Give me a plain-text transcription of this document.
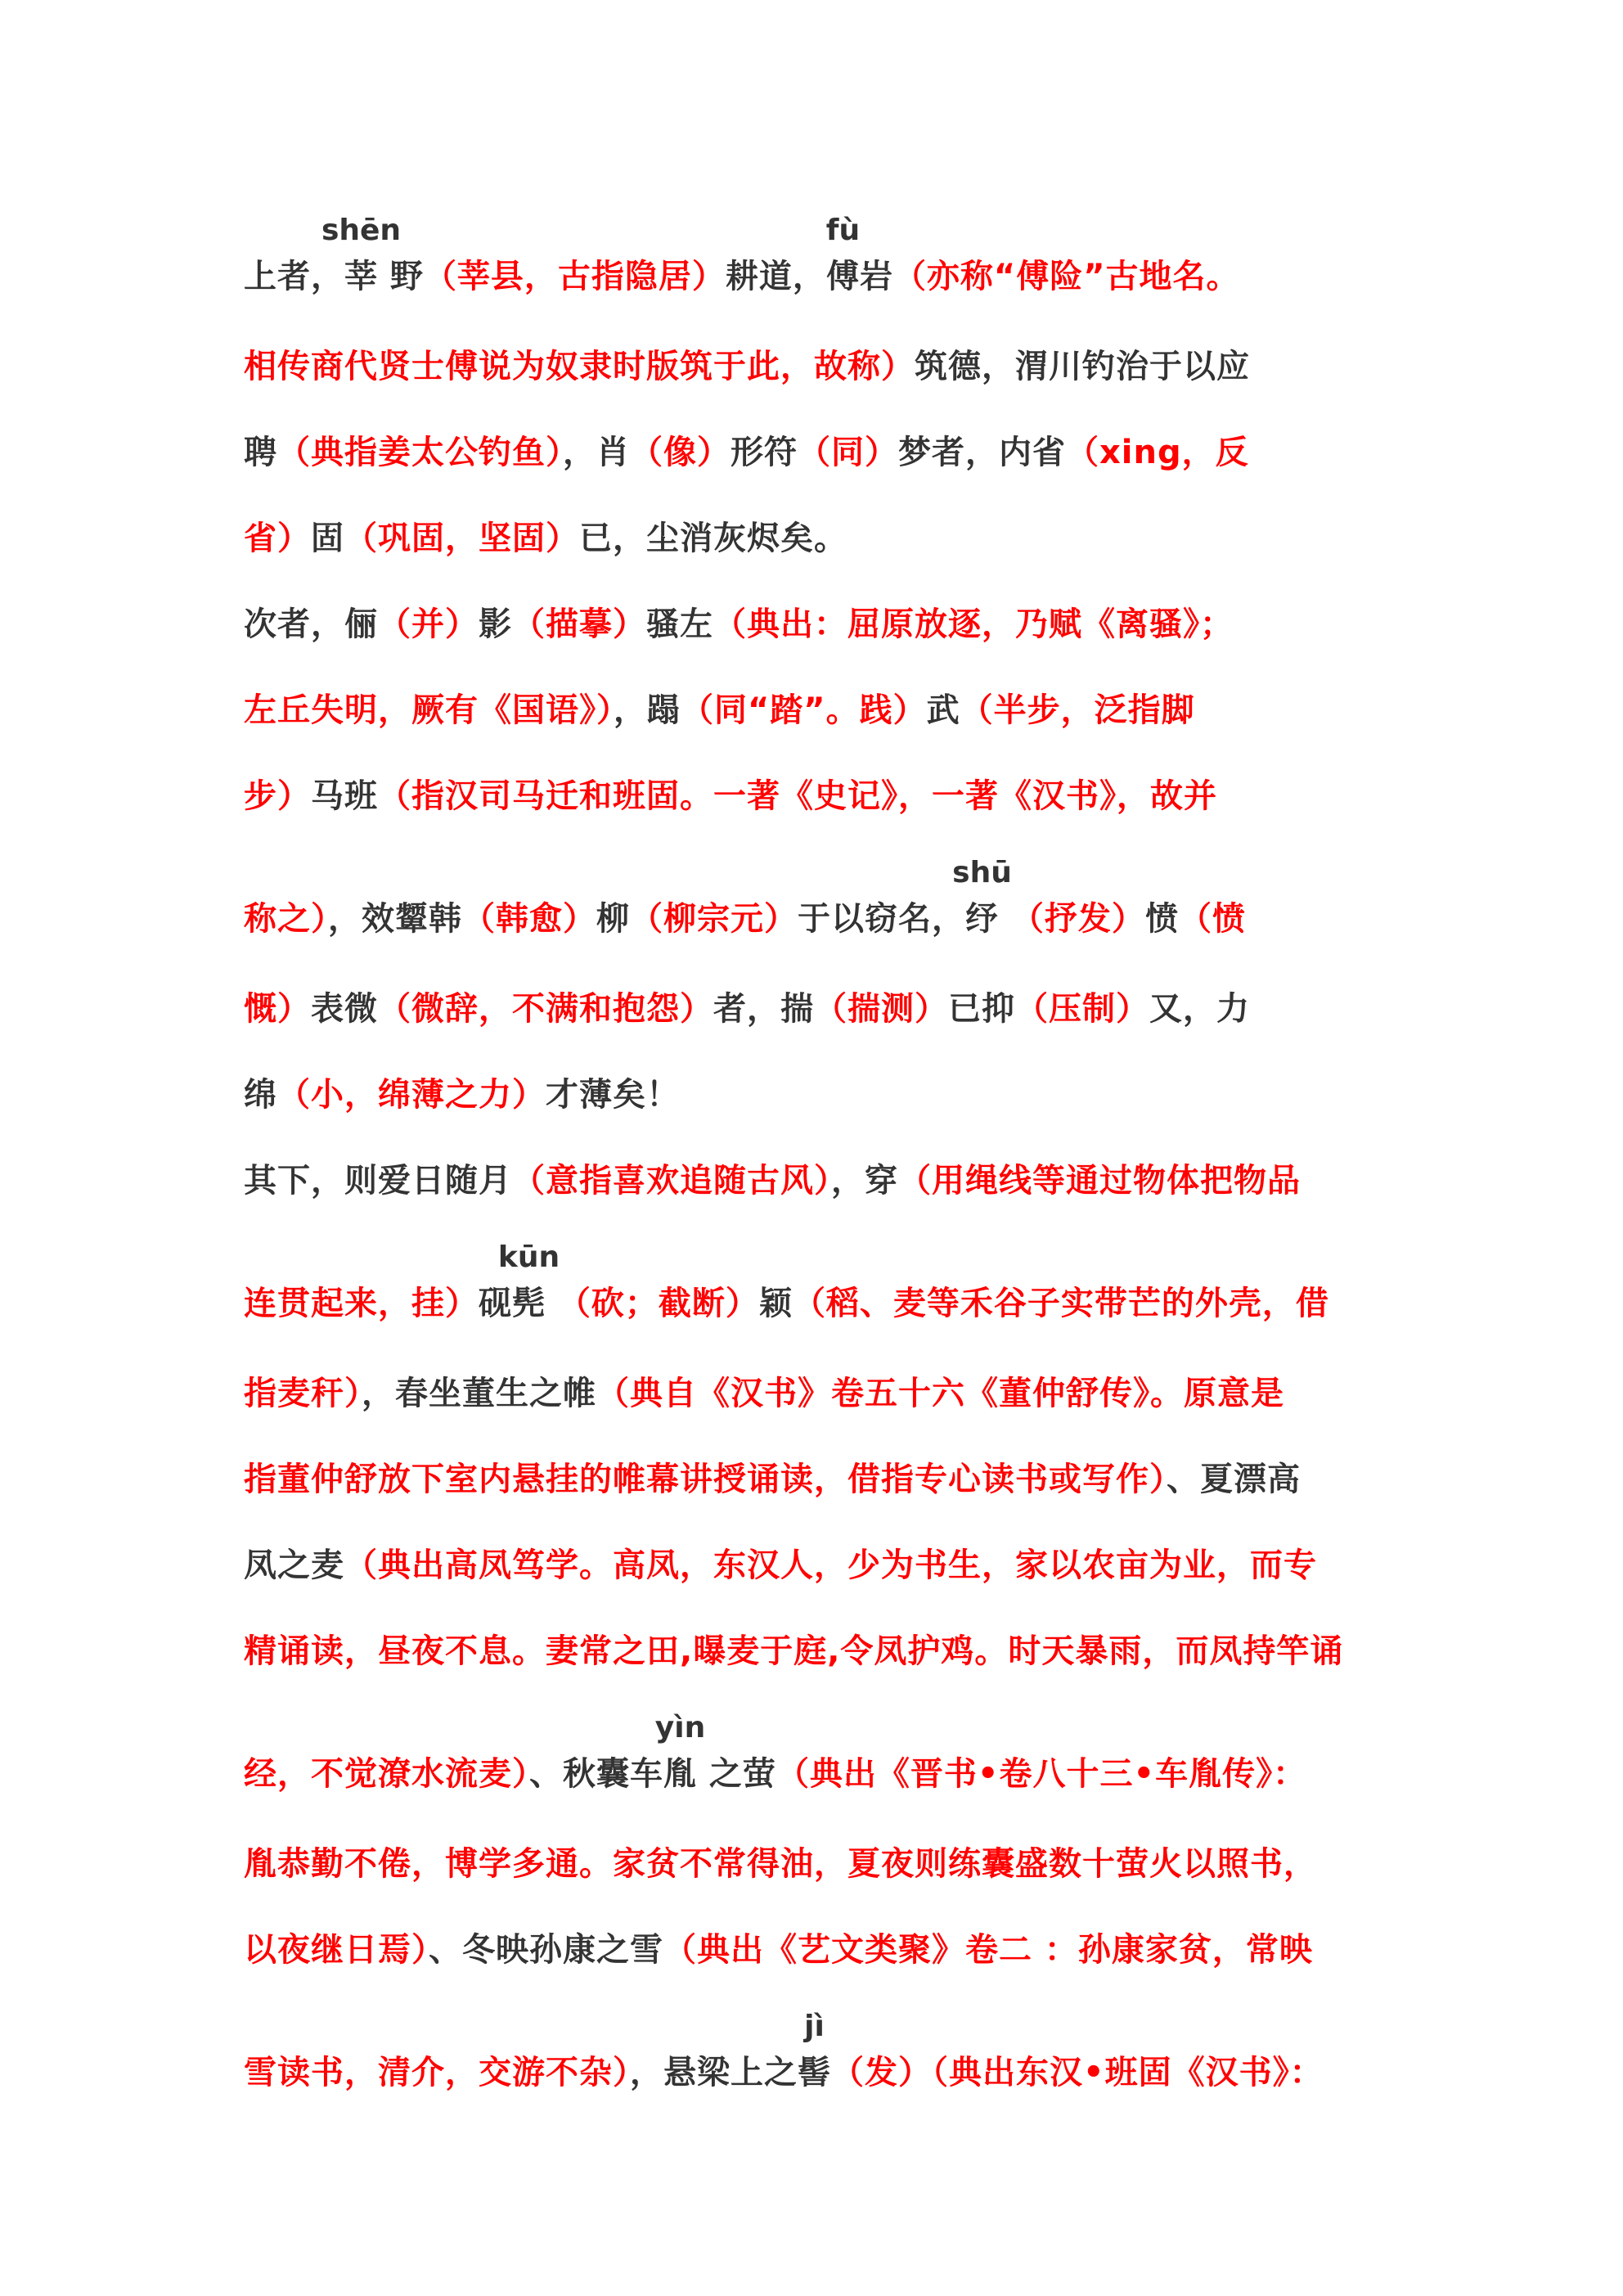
上者，
shēn
莘 野（莘县，古指隐居）耕道，
fù
傅岩（亦称“傅险”古地名。
相传商代贤士傅说为奴隶时版筑于此，故称）筑德，渭川钓治于以应
聘（典指姜太公钓鱼），肖（像）形符（同）梦者，内省（xing，反
省）固（巩固，坚固）已，尘消灰烬矣。
次者，俪（并）影（描摹）骚左（典出：屈原放逐，乃赋《离骚》；
左丘失明，厥有《国语》），蹋（同“踏”。践）武（半步，泛指脚
步）马班（指汉司马迁和班固。一著《史记》，一著《汉书》，故并
称之），效颦韩（韩愈）柳（柳宗元）于以窃名，
shū
纾 （抒发）愤（愤
慨）表微（微辞，不满和抱怨）者，揣（揣测）已抑（压制）又，力
绵（小，绵薄之力）才薄矣！
其下，则爱日随月（意指喜欢追随古风），穿（用绳线等通过物体把物品
连贯起来，挂）砚
kūn
髡 （砍；截断）颖（稻、麦等禾谷子实带芒的外壳，借
指麦秆），春坐董生之帷（典自《汉书》卷五十六《董仲舒传》。原意是
指董仲舒放下室内悬挂的帷幕讲授诵读，借指专心读书或写作）、夏漂高
凤之麦（典出高凤笃学。高凤，东汉人，少为书生，家以农亩为业，而专
精诵读，昼夜不息。妻常之田,曝麦于庭,令凤护鸡。时天暴雨，而凤持竿诵
经，不觉潦水流麦）、秋囊车
yìn
胤 之萤（典出《晋书•卷八十三•车胤传》：
胤恭勤不倦，博学多通。家贫不常得油，夏夜则练囊盛数十萤火以照书，
以夜继日焉）、冬映孙康之雪（典出《艺文类聚》卷二 ：孙康家贫，常映
雪读书，清介，交游不杂），悬梁上之
jì
髻（发）（典出东汉•班固《汉书》：
